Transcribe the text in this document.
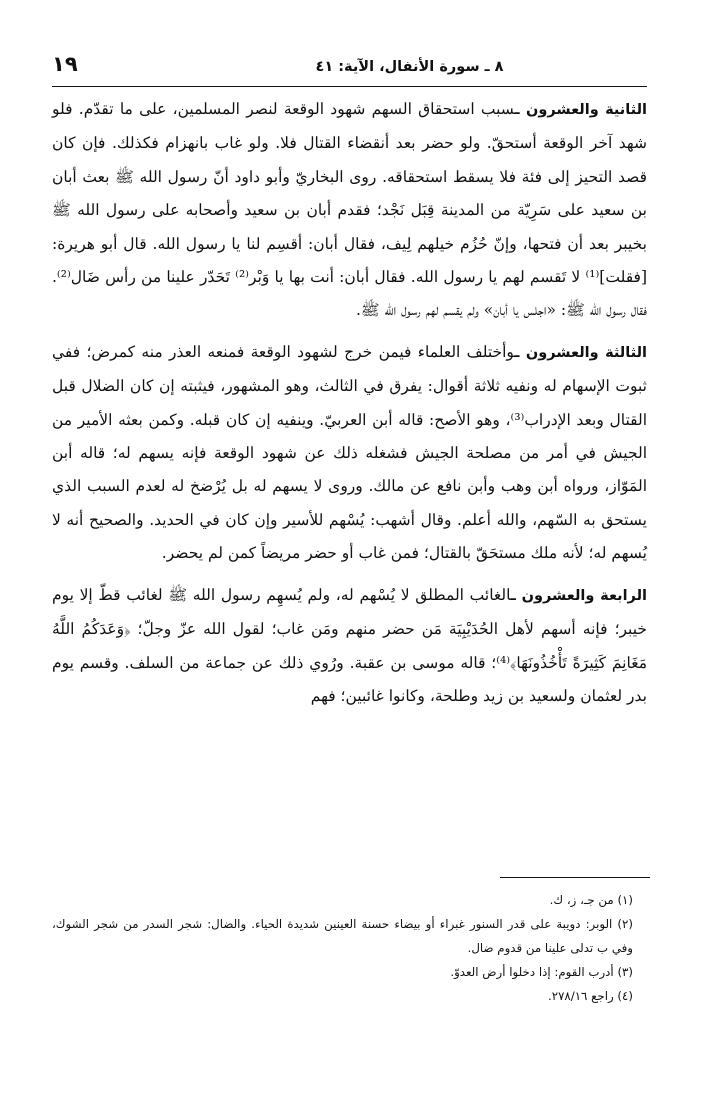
٨ ـ سورة الأنفال، الآية: ٤١
١٩

الثانية والعشرون ـسبب استحقاق السهم شهود الوقعة لنصر المسلمين، على ما تقدّم. فلو شهد آخر الوقعة أستحقّ. ولو حضر بعد أنقضاء القتال فلا. ولو غاب بانهزام فكذلك. فإن كان قصد التحيز إلى فئة فلا يسقط استحقاقه. روى البخاريّ وأبو داود أنّ رسول الله ﷺ بعث أبان بن سعيد على سَرِيّة من المدينة قِبَل نَجْد؛ فقدم أبان بن سعيد وأصحابه على رسول الله ﷺ بخيبر بعد أن فتحها، وإنّ حُزُم خيلهم لِيف، فقال أبان: أقسِم لنا يا رسول الله. قال أبو هريرة: [فقلت]⁽¹⁾ لا تَقسم لهم يا رسول الله. فقال أبان: أنت بها يا وَبْر⁽²⁾ تَحَدّر علينا من رأس ضَال⁽²⁾. فقال رسول الله ﷺ: «اجلس يا أبان» ولم يقسم لهم رسول الله ﷺ.

الثالثة والعشرون ـوأختلف العلماء فيمن خرج لشهود الوقعة فمنعه العذر منه كمرض؛ ففي ثبوت الإسهام له ونفيه ثلاثة أقوال: يفرق في الثالث، وهو المشهور، فيثبته إن كان الضلال قبل القتال وبعد الإدراب⁽³⁾، وهو الأصح: قاله أبن العربيّ. وينفيه إن كان قبله. وكمن بعثه الأمير من الجيش في أمر من مصلحة الجيش فشغله ذلك عن شهود الوقعة فإنه يسهم له؛ قاله أبن المَوّاز، ورواه أبن وهب وأبن نافع عن مالك. وروى لا يسهم له بل يُرْضخ له لعدم السبب الذي يستحق به السّهم، والله أعلم. وقال أشهب: يُسْهم للأسير وإن كان في الحديد. والصحيح أنه لا يُسهم له؛ لأنه ملك مستحَقّ بالقتال؛ فمن غاب أو حضر مريضاً كمن لم يحضر.

الرابعة والعشرون ـالغائب المطلق لا يُسْهم له، ولم يُسهِم رسول الله ﷺ لغائب قطّ إلا يوم خيبر؛ فإنه أسهم لأهل الحُدَيْبِيَة مَن حضر منهم ومَن غاب؛ لقول الله عزّ وجلّ؛ ﴿وَعَدَكُمُ اللَّهُ مَغَانِمَ كَثِيرَةً تَأْخُذُونَهَا﴾⁽⁴⁾؛ قاله موسى بن عقبة. ورُوي ذلك عن جماعة من السلف. وقسم يوم بدر لعثمان ولسعيد بن زيد وطلحة، وكانوا غائبين؛ فهم

(١) من جـ، ز، ك.
(٢) الوبر: دويبة على قدر السنور غبراء أو بيضاء حسنة العينين شديدة الحياء. والضال: شجر السدر من شجر الشوك، وفي ب تدلى علينا من قدوم ضال.
(٣) أدرب القوم: إذا دخلوا أرض العدوّ.
(٤) راجع ٢٧٨/١٦.
